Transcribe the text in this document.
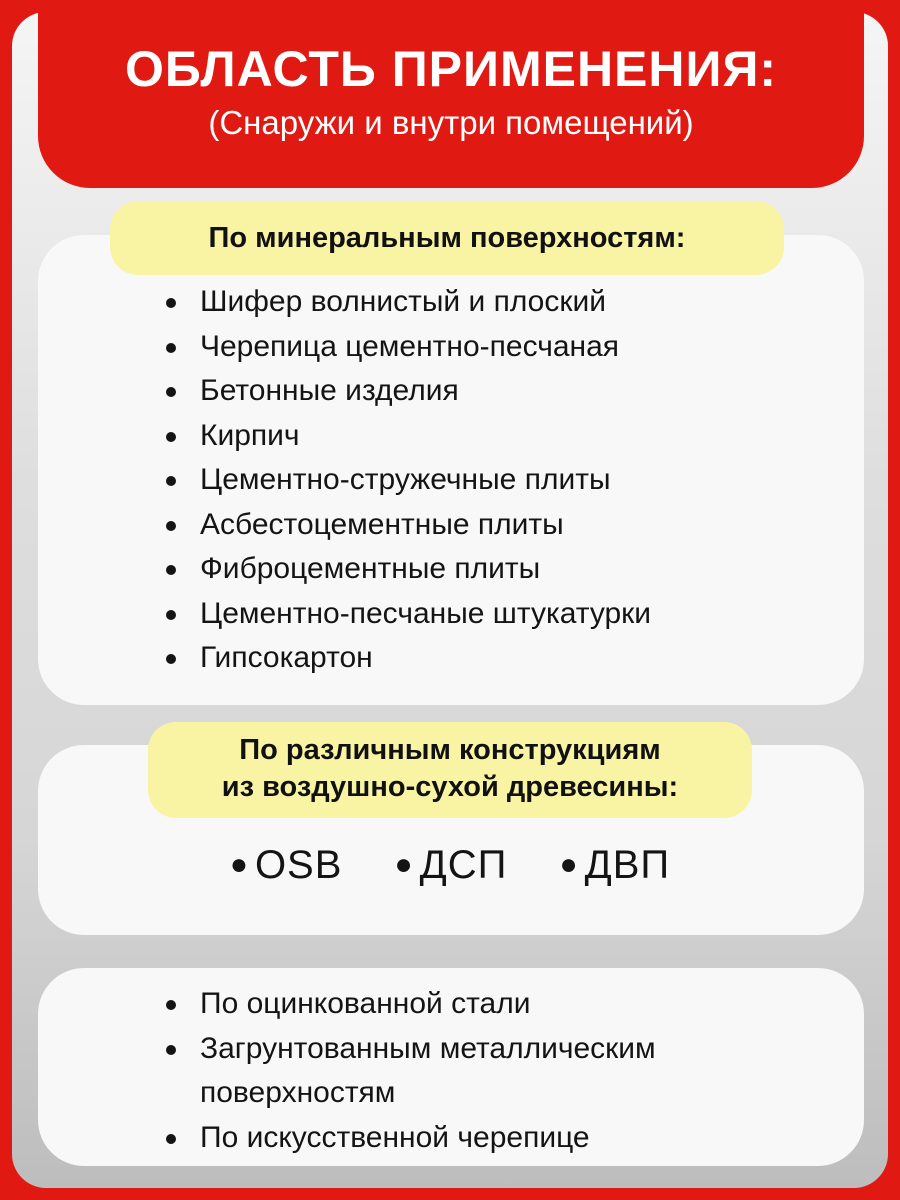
ОБЛАСТЬ ПРИМЕНЕНИЯ:
(Снаружи и внутри помещений)
По минеральным поверхностям:
Шифер волнистый и плоский
Черепица цементно-песчаная
Бетонные изделия
Кирпич
Цементно-стружечные плиты
Асбестоцементные плиты
Фиброцементные плиты
Цементно-песчаные штукатурки
Гипсокартон
По различным конструкциям
из воздушно-сухой древесины:
● OSB ● ДСП ● ДВП
По оцинкованной стали
Загрунтованным металлическим поверхностям
По искусственной черепице
